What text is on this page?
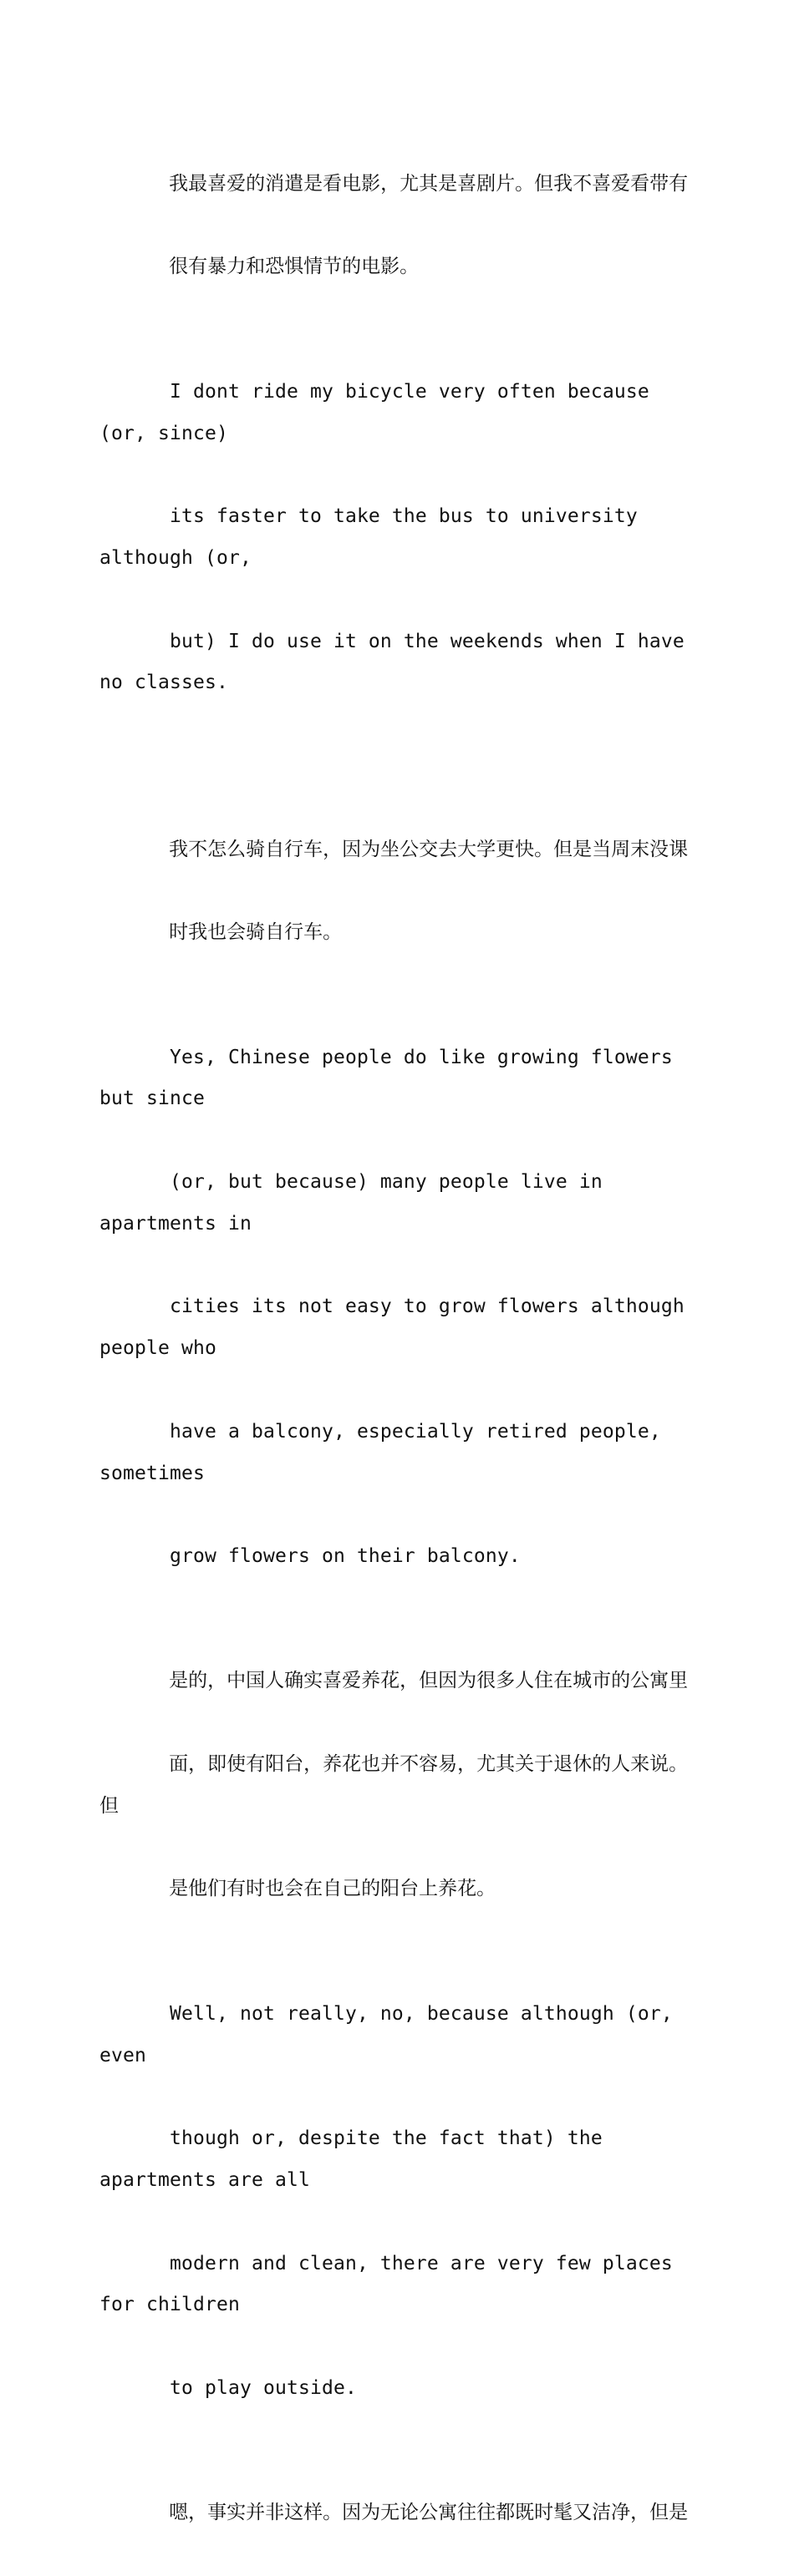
我最喜爱的消遣是看电影，尤其是喜剧片。但我不喜爱看带有

很有暴力和恐惧情节的电影。

I dont ride my bicycle very often because (or, since)

its faster to take the bus to university although (or,

but) I do use it on the weekends when I have no classes.

我不怎么骑自行车，因为坐公交去大学更快。但是当周末没课

时我也会骑自行车。

Yes, Chinese people do like growing flowers but since

(or, but because) many people live in apartments in

cities its not easy to grow flowers although people who

have a balcony, especially retired people, sometimes

grow flowers on their balcony.

是的，中国人确实喜爱养花，但因为很多人住在城市的公寓里

面，即使有阳台，养花也并不容易，尤其关于退休的人来说。但

是他们有时也会在自己的阳台上养花。

Well, not really, no, because although (or, even

though or, despite the fact that) the apartments are all

modern and clean, there are very few places for children

to play outside.

嗯，事实并非这样。因为无论公寓往往都既时髦又洁净，但是
